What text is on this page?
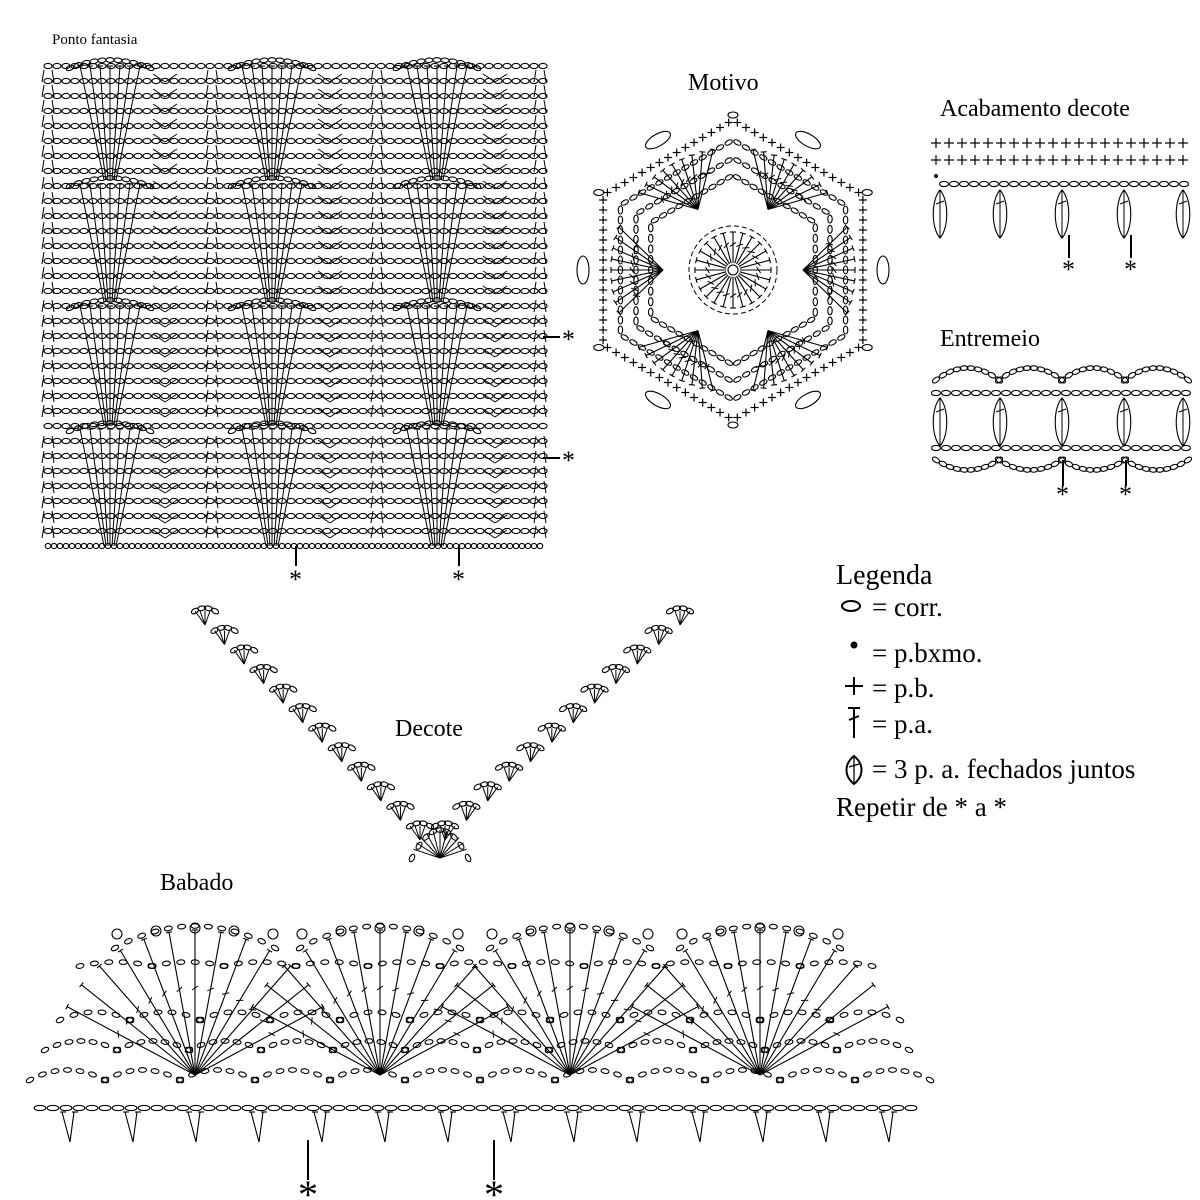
Ponto fantasia
Motivo
Acabamento decote
Entremeio
Decote
Babado
*	*
*
*
* *
* *
*	*
Legenda
= corr.
= p.bxmo.
= p.b.
= p.a.
= 3 p. a. fechados juntos
Repetir de * a *
